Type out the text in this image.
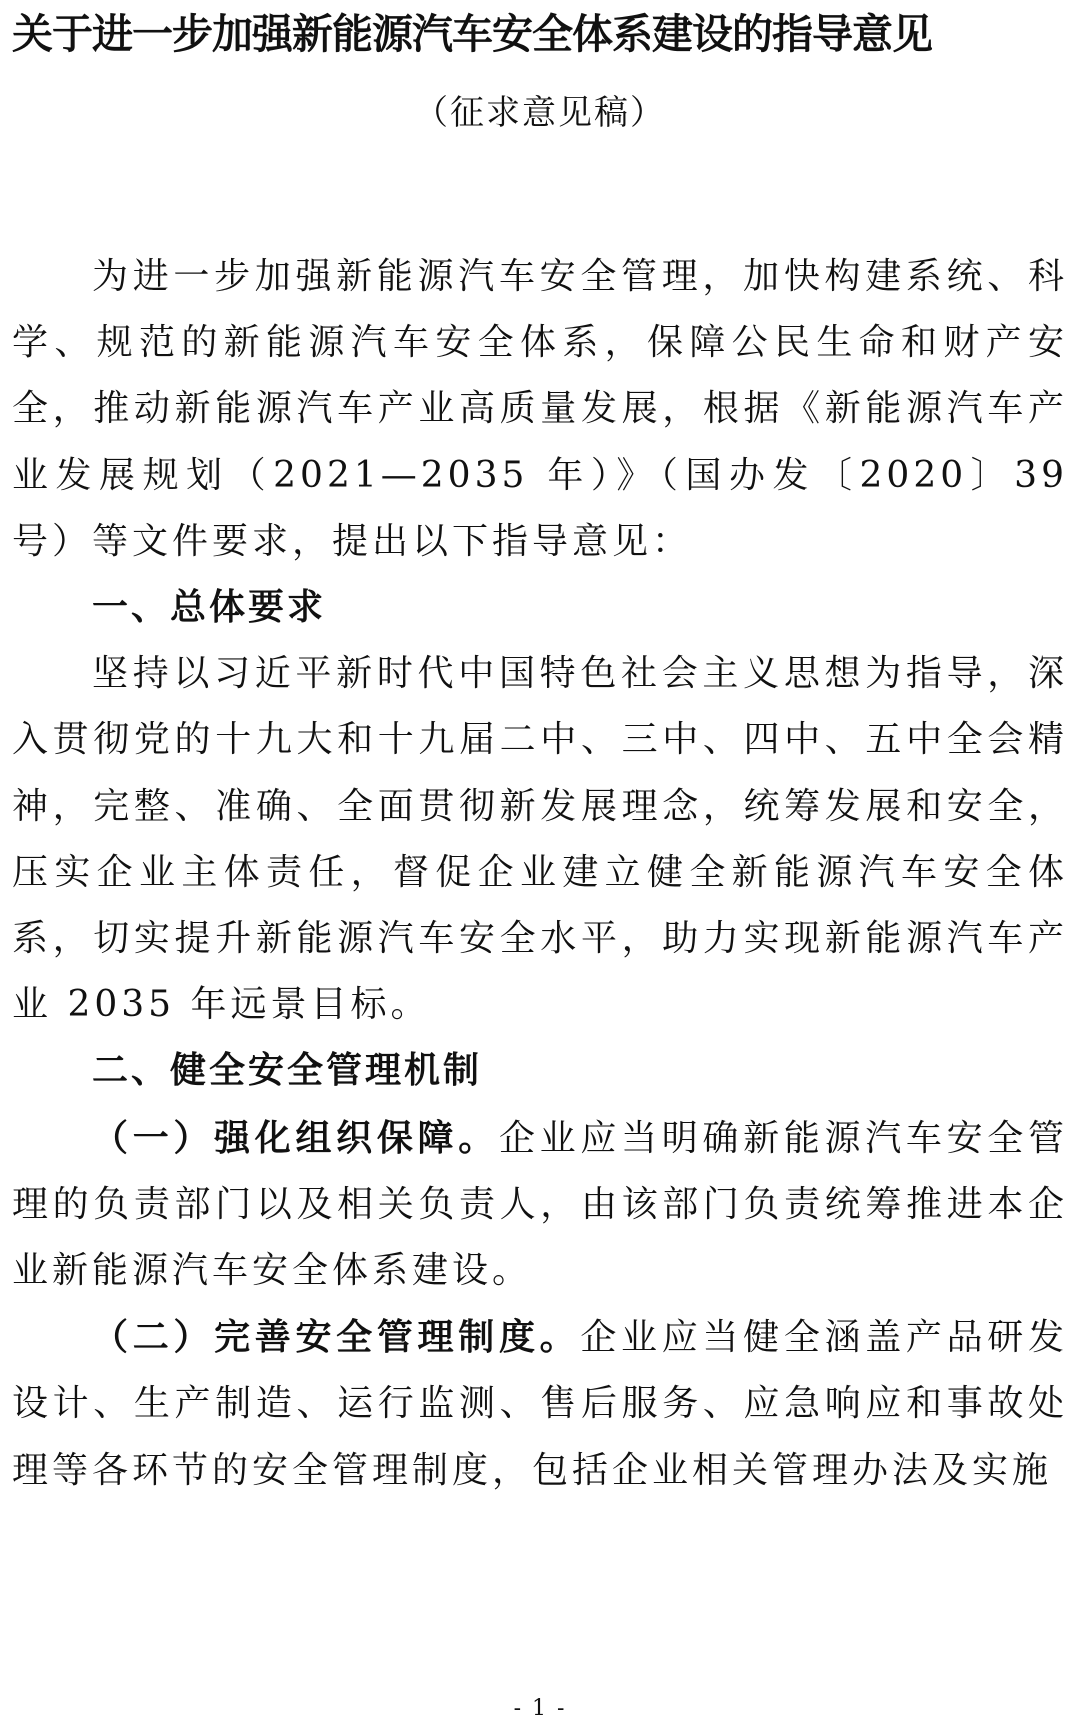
关于进一步加强新能源汽车安全体系建设的指导意见
（征求意见稿）

为进一步加强新能源汽车安全管理，加快构建系统、科学、规范的新能源汽车安全体系，保障公民生命和财产安全，推动新能源汽车产业高质量发展，根据《新能源汽车产业发展规划（2021—2035 年）》（国办发〔2020〕39 号）等文件要求，提出以下指导意见：

一、总体要求

坚持以习近平新时代中国特色社会主义思想为指导，深入贯彻党的十九大和十九届二中、三中、四中、五中全会精神，完整、准确、全面贯彻新发展理念，统筹发展和安全，压实企业主体责任，督促企业建立健全新能源汽车安全体系，切实提升新能源汽车安全水平，助力实现新能源汽车产业 2035 年远景目标。

二、健全安全管理机制

（一）强化组织保障。企业应当明确新能源汽车安全管理的负责部门以及相关负责人，由该部门负责统筹推进本企业新能源汽车安全体系建设。

（二）完善安全管理制度。企业应当健全涵盖产品研发设计、生产制造、运行监测、售后服务、应急响应和事故处理等各环节的安全管理制度，包括企业相关管理办法及实施

- 1 -
